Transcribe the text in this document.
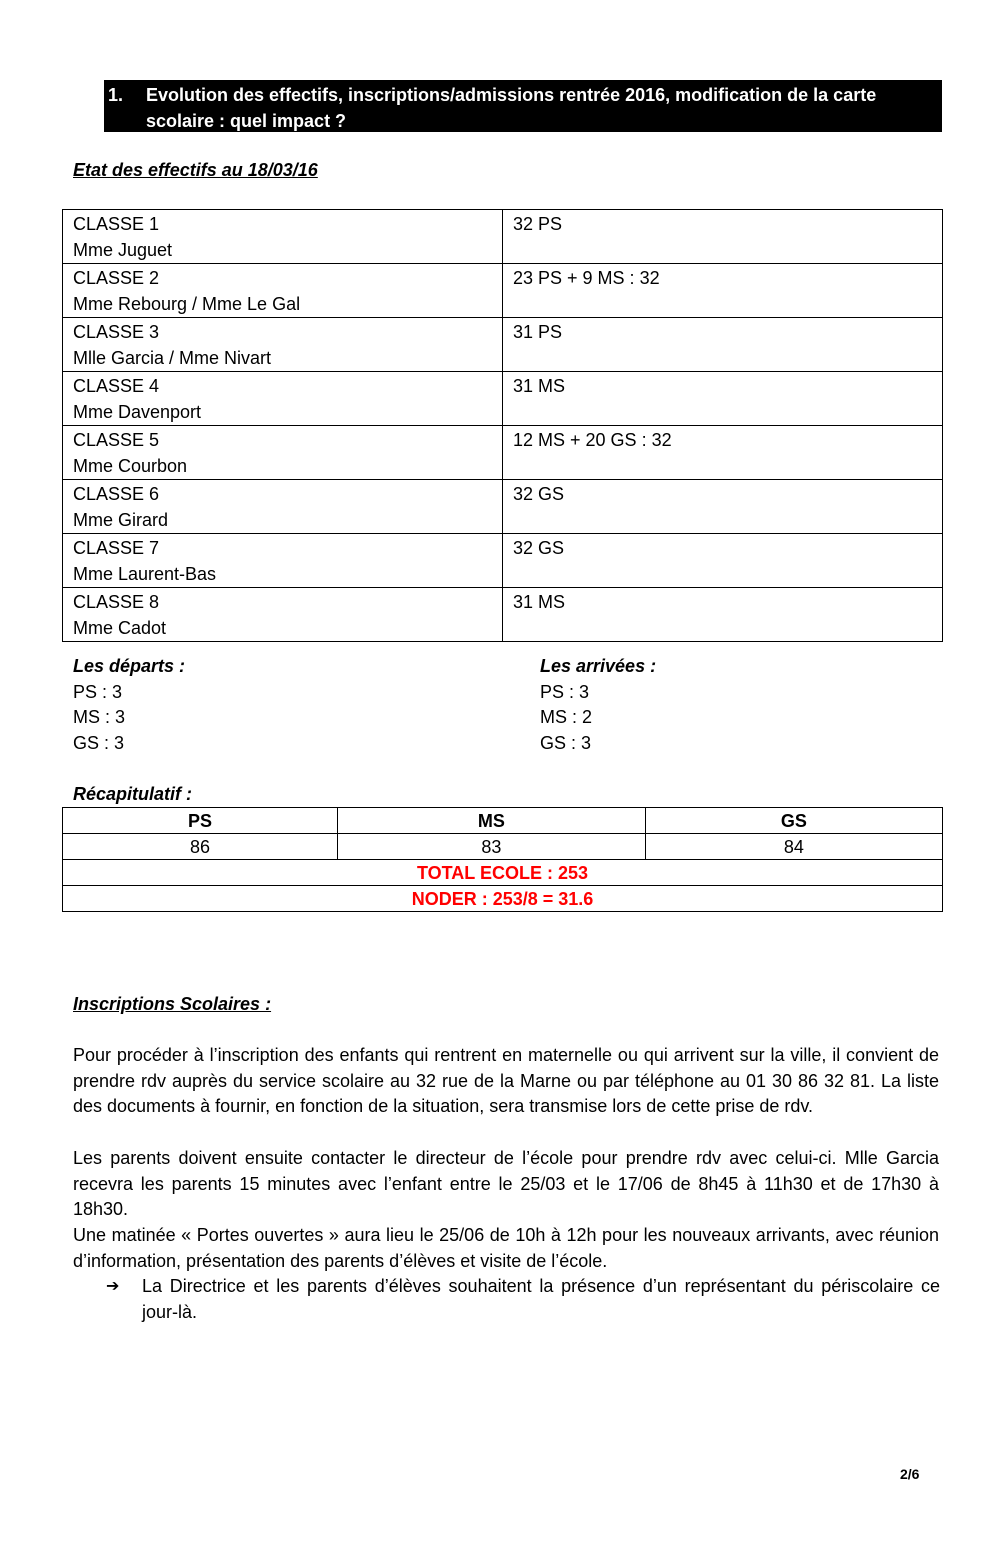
1.	Evolution des effectifs, inscriptions/admissions rentrée 2016, modification de la carte scolaire : quel impact ?
Etat des effectifs au 18/03/16
CLASSE 1
Mme Juguet	32 PS

CLASSE 2
Mme Rebourg / Mme Le Gal	23 PS + 9 MS : 32

CLASSE 3
Mlle Garcia / Mme Nivart	31 PS

CLASSE 4
Mme Davenport	31 MS

CLASSE 5
Mme Courbon	12 MS + 20 GS : 32

CLASSE 6
Mme Girard	32 GS

CLASSE 7
Mme Laurent-Bas	32 GS

CLASSE 8
Mme Cadot	31 MS
Les départs :
PS : 3
MS : 3
GS : 3
Les arrivées :
PS : 3
MS : 2
GS : 3
Récapitulatif :
PS	MS	GS
86	83	84
TOTAL ECOLE : 253		
NODER : 253/8 = 31.6		
Inscriptions Scolaires :
Pour procéder à l’inscription des enfants qui rentrent en maternelle ou qui arrivent sur la ville, il convient de prendre rdv auprès du service scolaire au 32 rue de la Marne ou par téléphone au 01 30 86 32 81. La liste des documents à fournir, en fonction de la situation, sera transmise lors de cette prise de rdv.
Les parents doivent ensuite contacter le directeur de l’école pour prendre rdv avec celui-ci. Mlle Garcia recevra les parents 15 minutes avec l’enfant entre le 25/03 et le 17/06 de 8h45 à 11h30 et de 17h30 à 18h30.
Une matinée « Portes ouvertes » aura lieu le 25/06 de 10h à 12h pour les nouveaux arrivants, avec réunion d’information, présentation des parents d’élèves et visite de l’école.
➔	La Directrice et les parents d’élèves souhaitent la présence d’un représentant du périscolaire ce jour-là.
2/6
